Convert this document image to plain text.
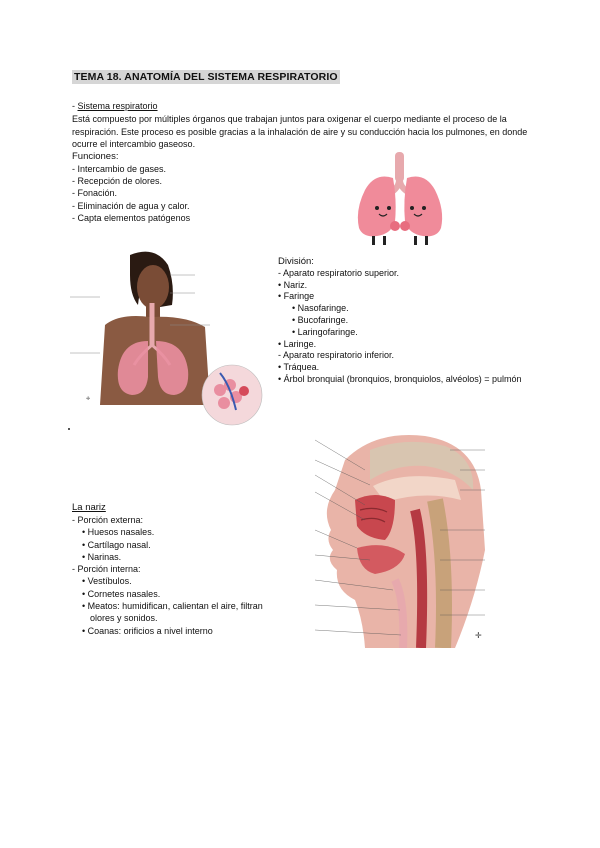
TEMA 18. ANATOMÍA DEL SISTEMA RESPIRATORIO
- Sistema respiratorio
Está compuesto por múltiples órganos que trabajan juntos para oxigenar el cuerpo mediante el proceso de la respiración. Este proceso es posible gracias a la inhalación de aire y su conducción hacia los pulmones, en donde ocurre el intercambio gaseoso.
Funciones:
- Intercambio de gases.
- Recepción de olores.
- Fonación.
- Eliminación de agua y calor.
- Capta elementos patógenos
✛
División:
- Aparato respiratorio superior.
• Nariz.
• Faringe
• Nasofaringe.
• Bucofaringe.
• Laringofaringe.
• Laringe.
- Aparato respiratorio inferior.
• Tráquea.
• Árbol bronquial (bronquios, bronquiolos, alvéolos) = pulmón
✛
La nariz
- Porción externa:
• Huesos nasales.
• Cartílago nasal.
• Narinas.
- Porción interna:
• Vestíbulos.
• Cornetes nasales.
• Meatos: humidifican, calientan el aire, filtran
olores y sonidos.
• Coanas: orificios a nivel interno
